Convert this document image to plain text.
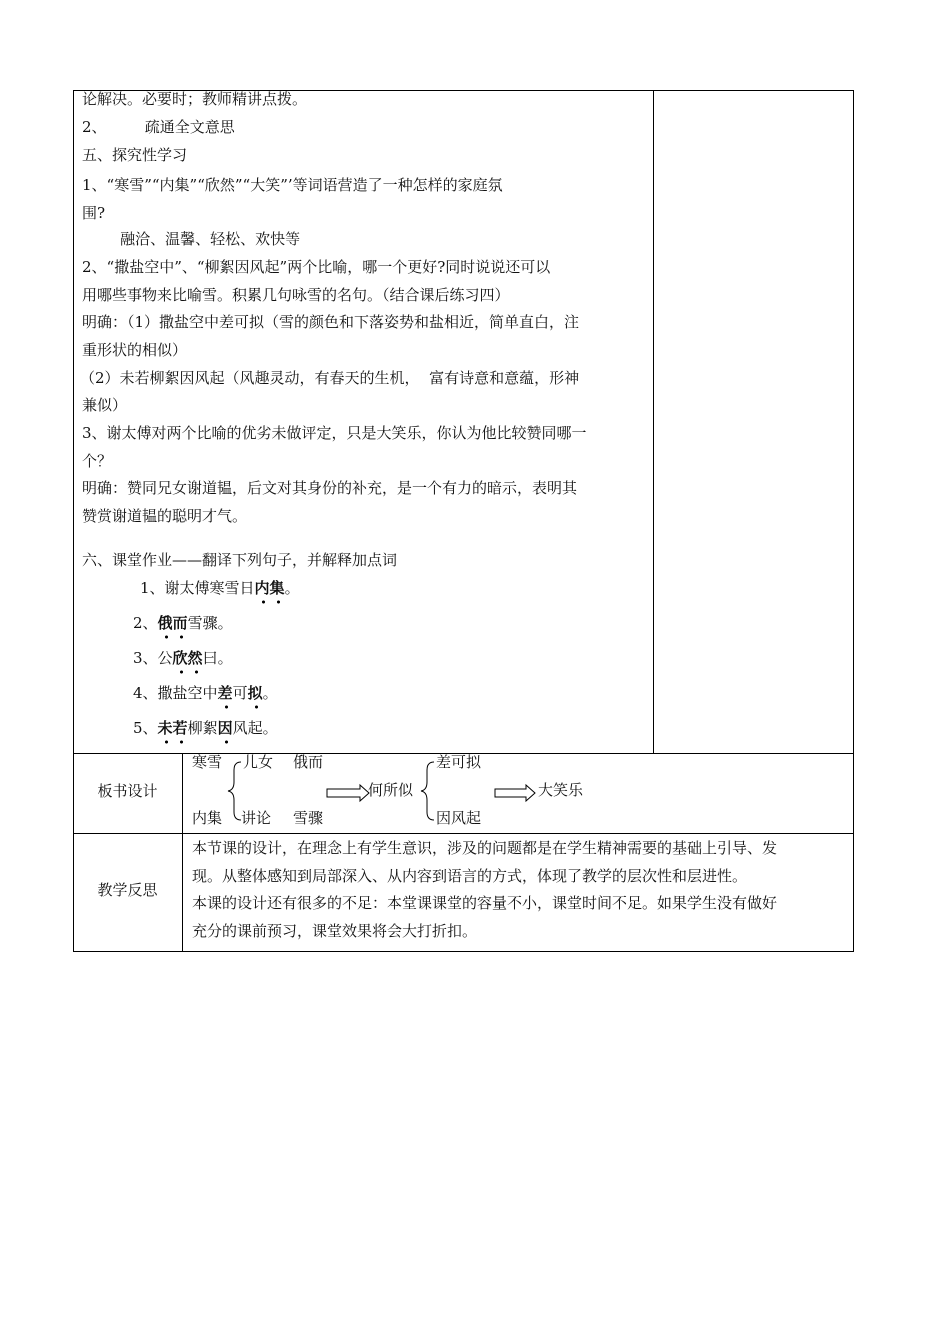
论解决。必要时；教师精讲点拨。
2、        疏通全文意思
五、探究性学习
1、“寒雪”“内集”“欣然”“大笑”’等词语营造了一种怎样的家庭氛
围?
融洽、温馨、轻松、欢快等
2、“撒盐空中”、“柳絮因风起”两个比喻，哪一个更好?同时说说还可以
用哪些事物来比喻雪。积累几句咏雪的名句。（结合课后练习四）
明确：（1）撒盐空中差可拟（雪的颜色和下落姿势和盐相近，简单直白，注
重形状的相似）
（2）未若柳絮因风起（风趣灵动，有春天的生机，  富有诗意和意蕴，形神
兼似）
3、谢太傅对两个比喻的优劣未做评定，只是大笑乐，你认为他比较赞同哪一
个？
明确：赞同兄女谢道韫，后文对其身份的补充，是一个有力的暗示，表明其
赞赏谢道韫的聪明才气。
六、课堂作业——翻译下列句子，并解释加点词
1、谢太傅寒雪日内集。
2、俄而雪骤。
3、公欣然曰。
4、撒盐空中差可拟。
5、未若柳絮因风起。
板书设计
寒雪
内集
儿女
讲论
俄而
雪骤
何所似
差可拟
因风起
大笑乐
教学反思
本节课的设计，在理念上有学生意识，涉及的问题都是在学生精神需要的基础上引导、发
现。从整体感知到局部深入、从内容到语言的方式，体现了教学的层次性和层进性。
本课的设计还有很多的不足：本堂课课堂的容量不小，课堂时间不足。如果学生没有做好
充分的课前预习，课堂效果将会大打折扣。
